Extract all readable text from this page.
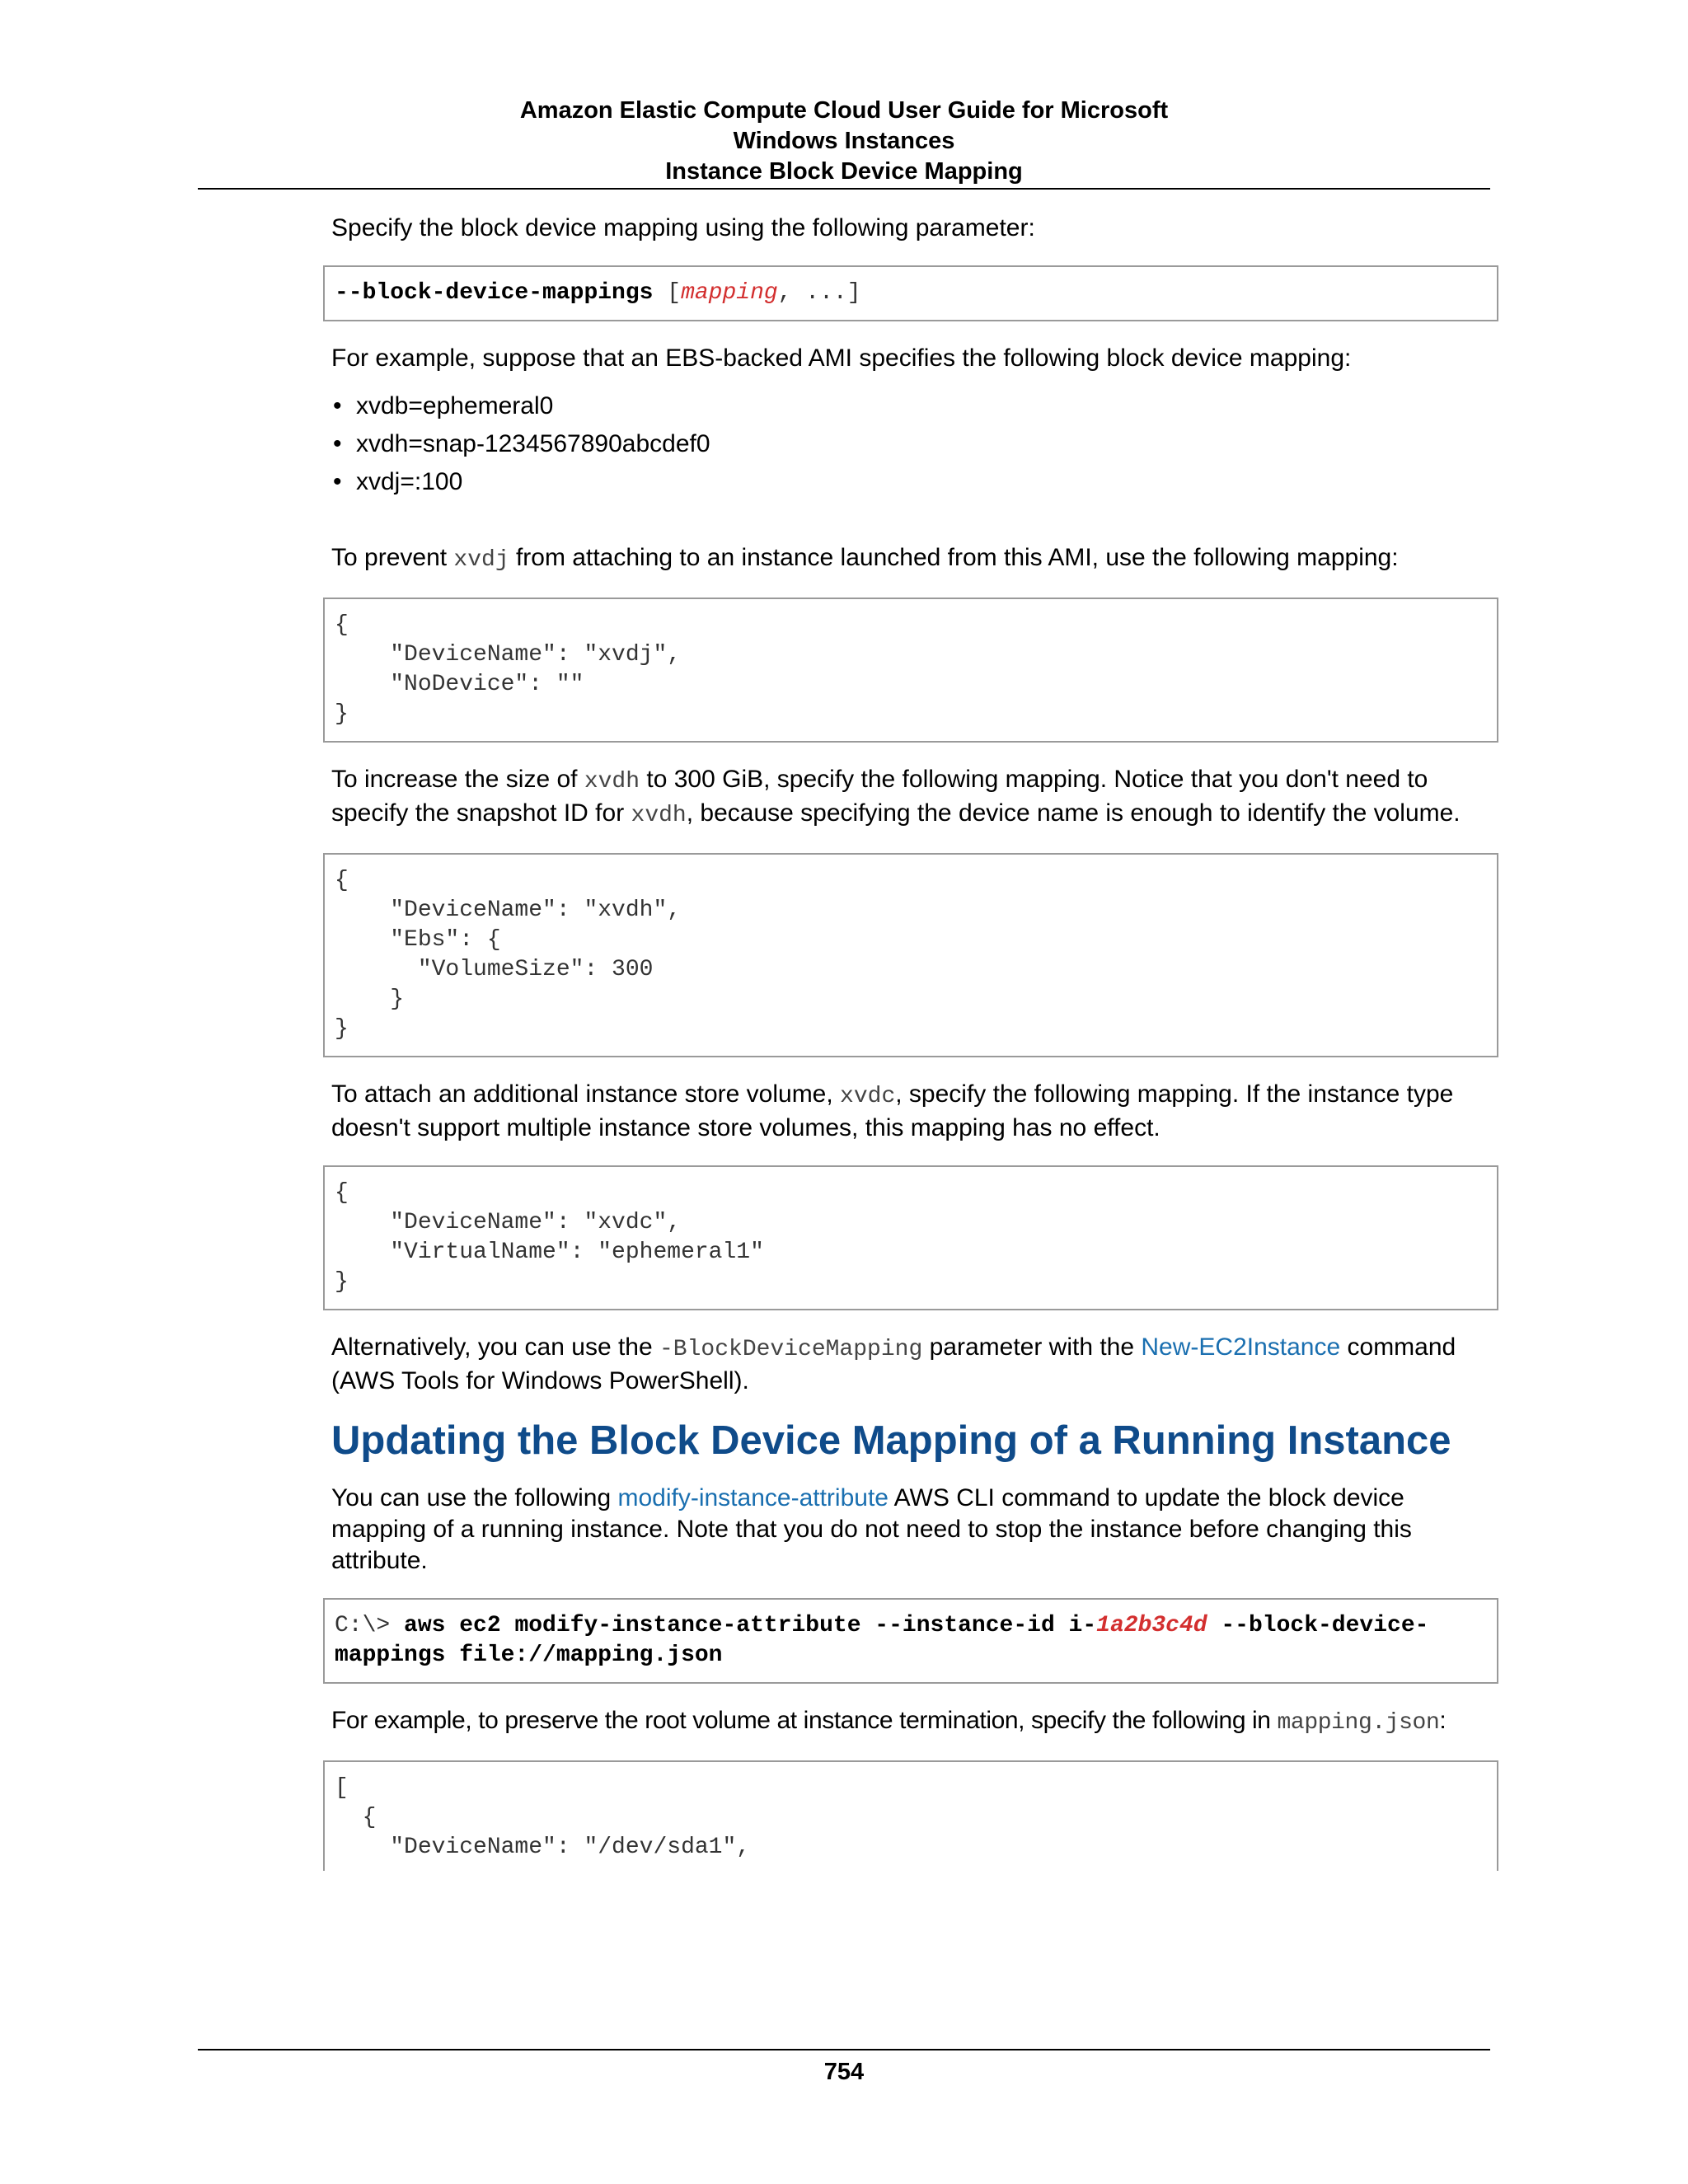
Amazon Elastic Compute Cloud User Guide for Microsoft
Windows Instances
Instance Block Device Mapping

Specify the block device mapping using the following parameter:

--block-device-mappings [mapping, ...]

For example, suppose that an EBS-backed AMI specifies the following block device mapping:

• xvdb=ephemeral0
• xvdh=snap-1234567890abcdef0
• xvdj=:100

To prevent xvdj from attaching to an instance launched from this AMI, use the following mapping:

{
"DeviceName": "xvdj",
"NoDevice": ""
}

To increase the size of xvdh to 300 GiB, specify the following mapping. Notice that you don't need to specify the snapshot ID for xvdh, because specifying the device name is enough to identify the volume.

{
"DeviceName": "xvdh",
"Ebs": {
"VolumeSize": 300
}
}

To attach an additional instance store volume, xvdc, specify the following mapping. If the instance type doesn't support multiple instance store volumes, this mapping has no effect.

{
"DeviceName": "xvdc",
"VirtualName": "ephemeral1"
}

Alternatively, you can use the -BlockDeviceMapping parameter with the New-EC2Instance command (AWS Tools for Windows PowerShell).

Updating the Block Device Mapping of a Running Instance

You can use the following modify-instance-attribute AWS CLI command to update the block device mapping of a running instance. Note that you do not need to stop the instance before changing this attribute.

C:\> aws ec2 modify-instance-attribute --instance-id i-1a2b3c4d --block-device-
mappings file://mapping.json

For example, to preserve the root volume at instance termination, specify the following in mapping.json:

[
{
"DeviceName": "/dev/sda1",
754
